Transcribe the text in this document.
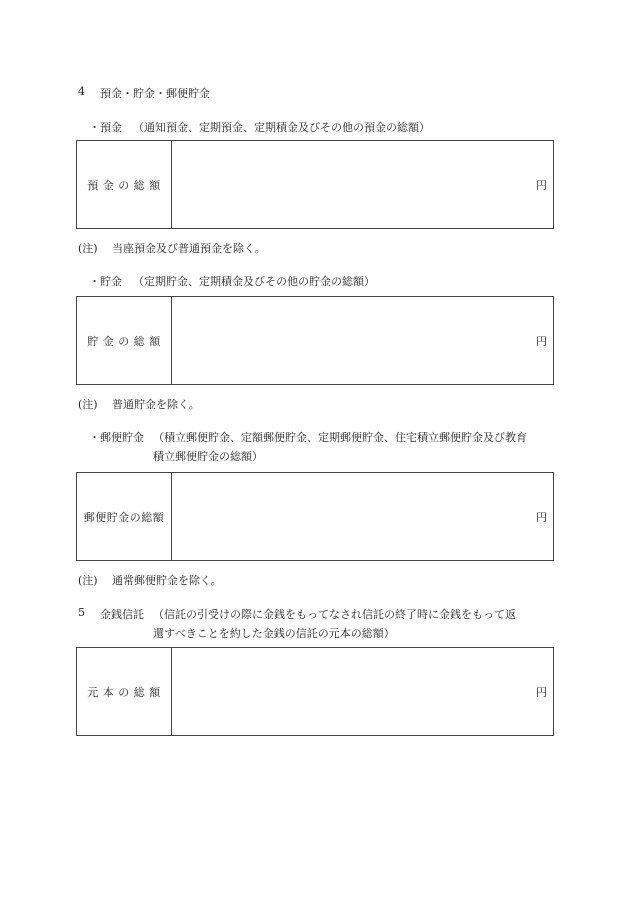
4 預金・貯金・郵便貯金
・預金 （通知預金、定期預金、定期積金及びその他の預金の総額）
預 金 の 総 額	円
(注) 当座預金及び普通預金を除く。
・貯金 （定期貯金、定期積金及びその他の貯金の総額）
貯 金 の 総 額	円
(注) 普通貯金を除く。
・郵便貯金 （積立郵便貯金、定額郵便貯金、定期郵便貯金、住宅積立郵便貯金及び教育
積立郵便貯金の総額）
郵便貯金の総額	円
(注) 通常郵便貯金を除く。
5 金銭信託 （信託の引受けの際に金銭をもってなされ信託の終了時に金銭をもって返
還すべきことを約した金銭の信託の元本の総額）
元 本 の 総 額	円
